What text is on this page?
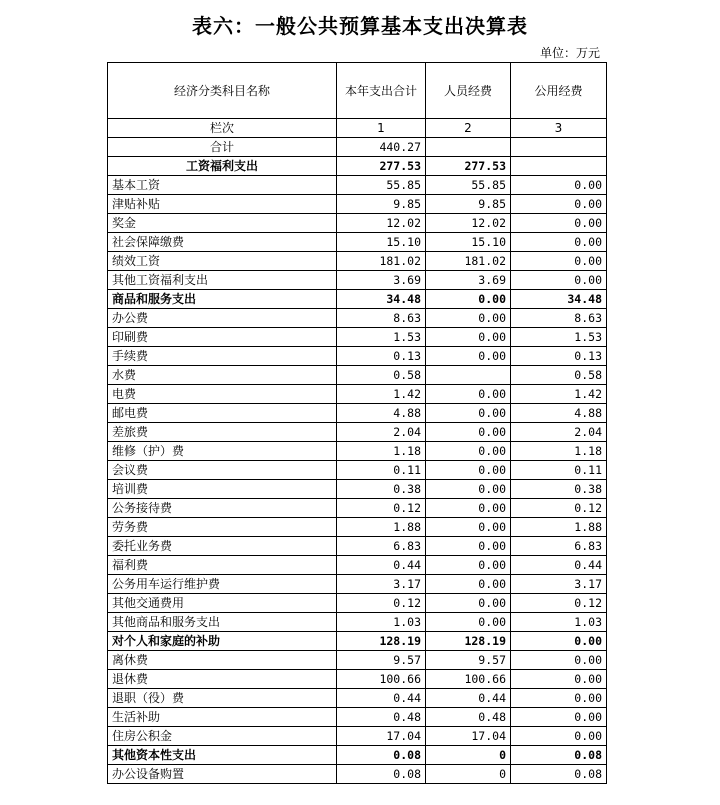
表六：一般公共预算基本支出决算表
单位：万元
经济分类科目名称	本年支出合计	人员经费	公用经费
栏次	1	2	3
合计	440.27		
工资福利支出	277.53	277.53	
基本工资	55.85	55.85	0.00
津贴补贴	9.85	9.85	0.00
奖金	12.02	12.02	0.00
社会保障缴费	15.10	15.10	0.00
绩效工资	181.02	181.02	0.00
其他工资福利支出	3.69	3.69	0.00
商品和服务支出	34.48	0.00	34.48
办公费	8.63	0.00	8.63
印刷费	1.53	0.00	1.53
手续费	0.13	0.00	0.13
水费	0.58		0.58
电费	1.42	0.00	1.42
邮电费	4.88	0.00	4.88
差旅费	2.04	0.00	2.04
维修（护）费	1.18	0.00	1.18
会议费	0.11	0.00	0.11
培训费	0.38	0.00	0.38
公务接待费	0.12	0.00	0.12
劳务费	1.88	0.00	1.88
委托业务费	6.83	0.00	6.83
福利费	0.44	0.00	0.44
公务用车运行维护费	3.17	0.00	3.17
其他交通费用	0.12	0.00	0.12
其他商品和服务支出	1.03	0.00	1.03
对个人和家庭的补助	128.19	128.19	0.00
离休费	9.57	9.57	0.00
退休费	100.66	100.66	0.00
退职（役）费	0.44	0.44	0.00
生活补助	0.48	0.48	0.00
住房公积金	17.04	17.04	0.00
其他资本性支出	0.08	0	0.08
办公设备购置	0.08	0	0.08
